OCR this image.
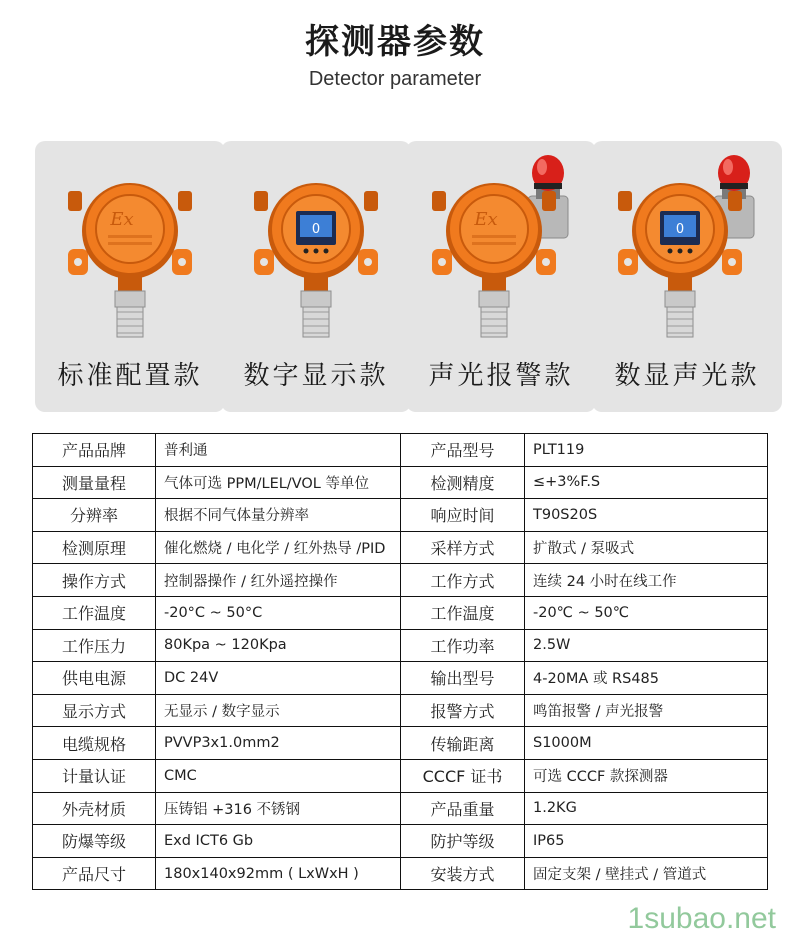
探测器参数
Detector parameter
Ex
标准配置款
0
数字显示款
Ex
声光报警款
0
数显声光款
产品品牌	普利通	产品型号	PLT119
测量量程	气体可选 PPM/LEL/VOL 等单位	检测精度	≤+3%F.S
分辨率	根据不同气体量分辨率	响应时间	T90S20S
检测原理	催化燃烧 / 电化学 / 红外热导 /PID	采样方式	扩散式 / 泵吸式
操作方式	控制器操作 / 红外遥控操作	工作方式	连续 24 小时在线工作
工作温度	-20°C ~ 50°C	工作温度	-20℃ ~ 50℃
工作压力	80Kpa ~ 120Kpa	工作功率	2.5W
供电电源	DC 24V	输出型号	4-20MA 或 RS485
显示方式	无显示 / 数字显示	报警方式	鸣笛报警 / 声光报警
电缆规格	PVVP3x1.0mm2	传输距离	S1000M
计量认证	CMC	CCCF 证书	可选 CCCF 款探测器
外壳材质	压铸铝 +316 不锈钢	产品重量	1.2KG
防爆等级	Exd ICT6 Gb	防护等级	IP65
产品尺寸	180x140x92mm ( LxWxH )	安装方式	固定支架 / 壁挂式 / 管道式
1subao.net
